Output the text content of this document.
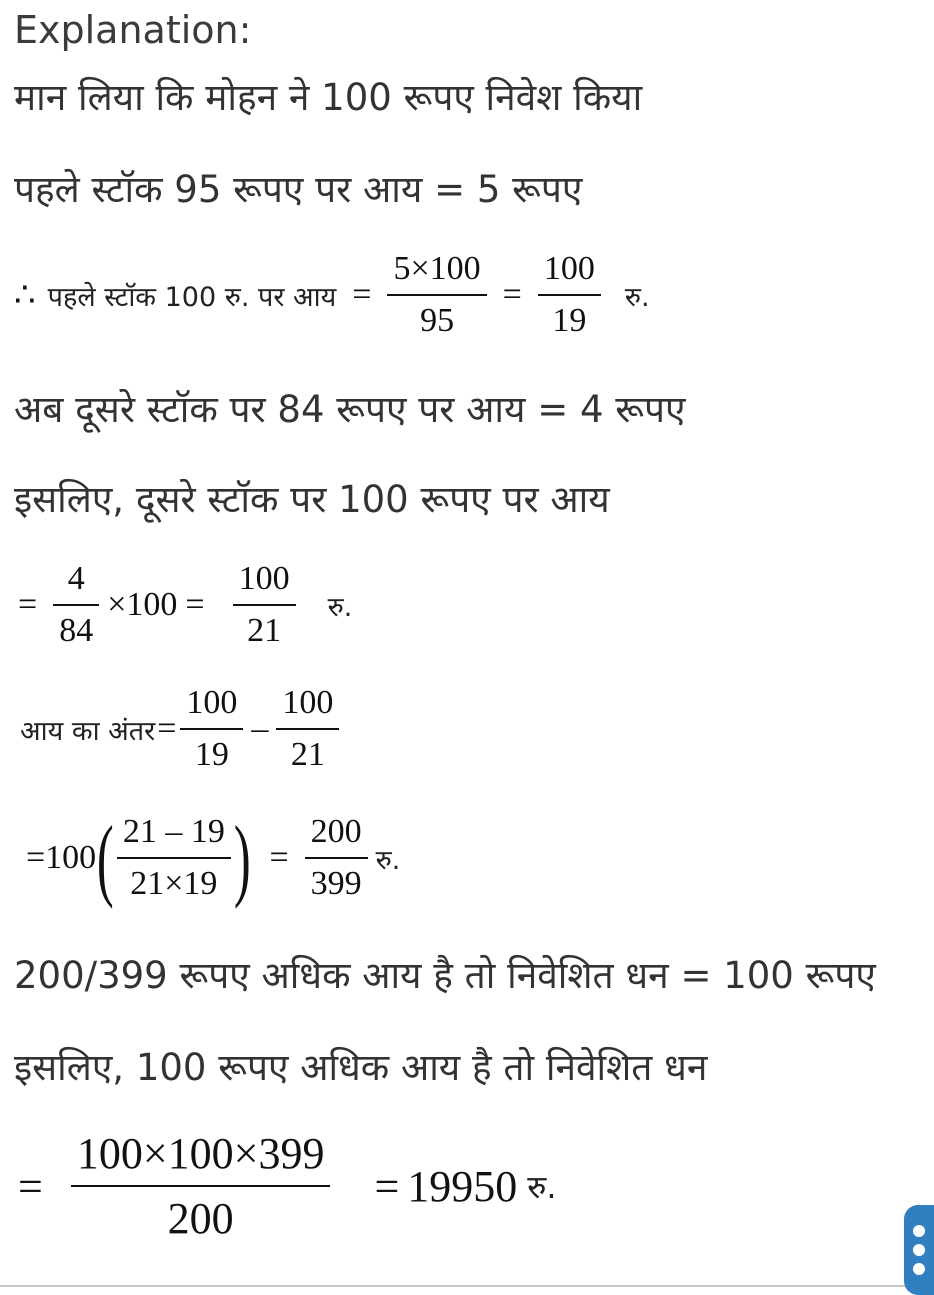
Explanation:
मान लिया कि मोहन ने 100 रूपए निवेश किया
पहले स्टॉक 95 रूपए पर आय = 5 रूपए
∴ पहले स्टॉक 100 रु. पर आय = $\frac{5\times 100}{95} = \frac{100}{19}$ रु.
अब दूसरे स्टॉक पर 84 रूपए पर आय = 4 रूपए
इसलिए, दूसरे स्टॉक पर 100 रूपए पर आय
= $\frac{4}{84} \times 100 = \frac{100}{21}$ रु.
आय का अंतर = $\frac{100}{19} - \frac{100}{21}$
=100 ( $\frac{21 - 19}{21\times 19}$ ) = $\frac{200}{399}$ रु.
200/399 रूपए अधिक आय है तो निवेशित धन = 100 रूपए
इसलिए, 100 रूपए अधिक आय है तो निवेशित धन
= $\frac{100\times 100\times 399}{200} = 19950$ रु.
